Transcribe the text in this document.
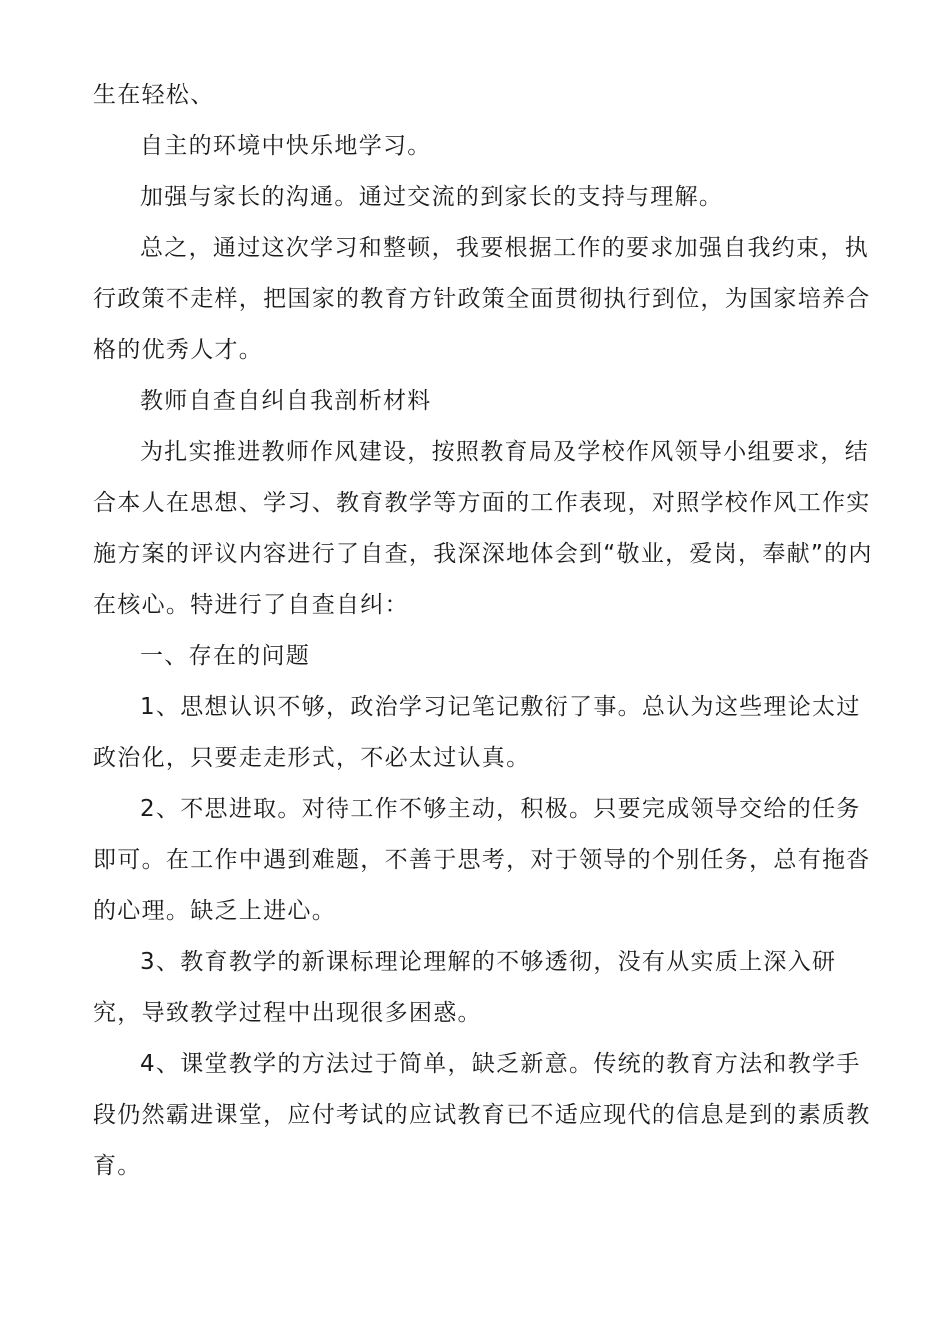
生在轻松、
自主的环境中快乐地学习。
加强与家长的沟通。通过交流的到家长的支持与理解。
总之，通过这次学习和整顿，我要根据工作的要求加强自我约束，执
行政策不走样，把国家的教育方针政策全面贯彻执行到位，为国家培养合
格的优秀人才。
教师自查自纠自我剖析材料
为扎实推进教师作风建设，按照教育局及学校作风领导小组要求，结
合本人在思想、学习、教育教学等方面的工作表现，对照学校作风工作实
施方案的评议内容进行了自查，我深深地体会到“敬业，爱岗，奉献”的内
在核心。特进行了自查自纠：
一、存在的问题
1、思想认识不够，政治学习记笔记敷衍了事。总认为这些理论太过
政治化，只要走走形式，不必太过认真。
2、不思进取。对待工作不够主动，积极。只要完成领导交给的任务
即可。在工作中遇到难题，不善于思考，对于领导的个别任务，总有拖沓
的心理。缺乏上进心。
3、教育教学的新课标理论理解的不够透彻，没有从实质上深入研
究，导致教学过程中出现很多困惑。
4、课堂教学的方法过于简单，缺乏新意。传统的教育方法和教学手
段仍然霸进课堂，应付考试的应试教育已不适应现代的信息是到的素质教
育。
